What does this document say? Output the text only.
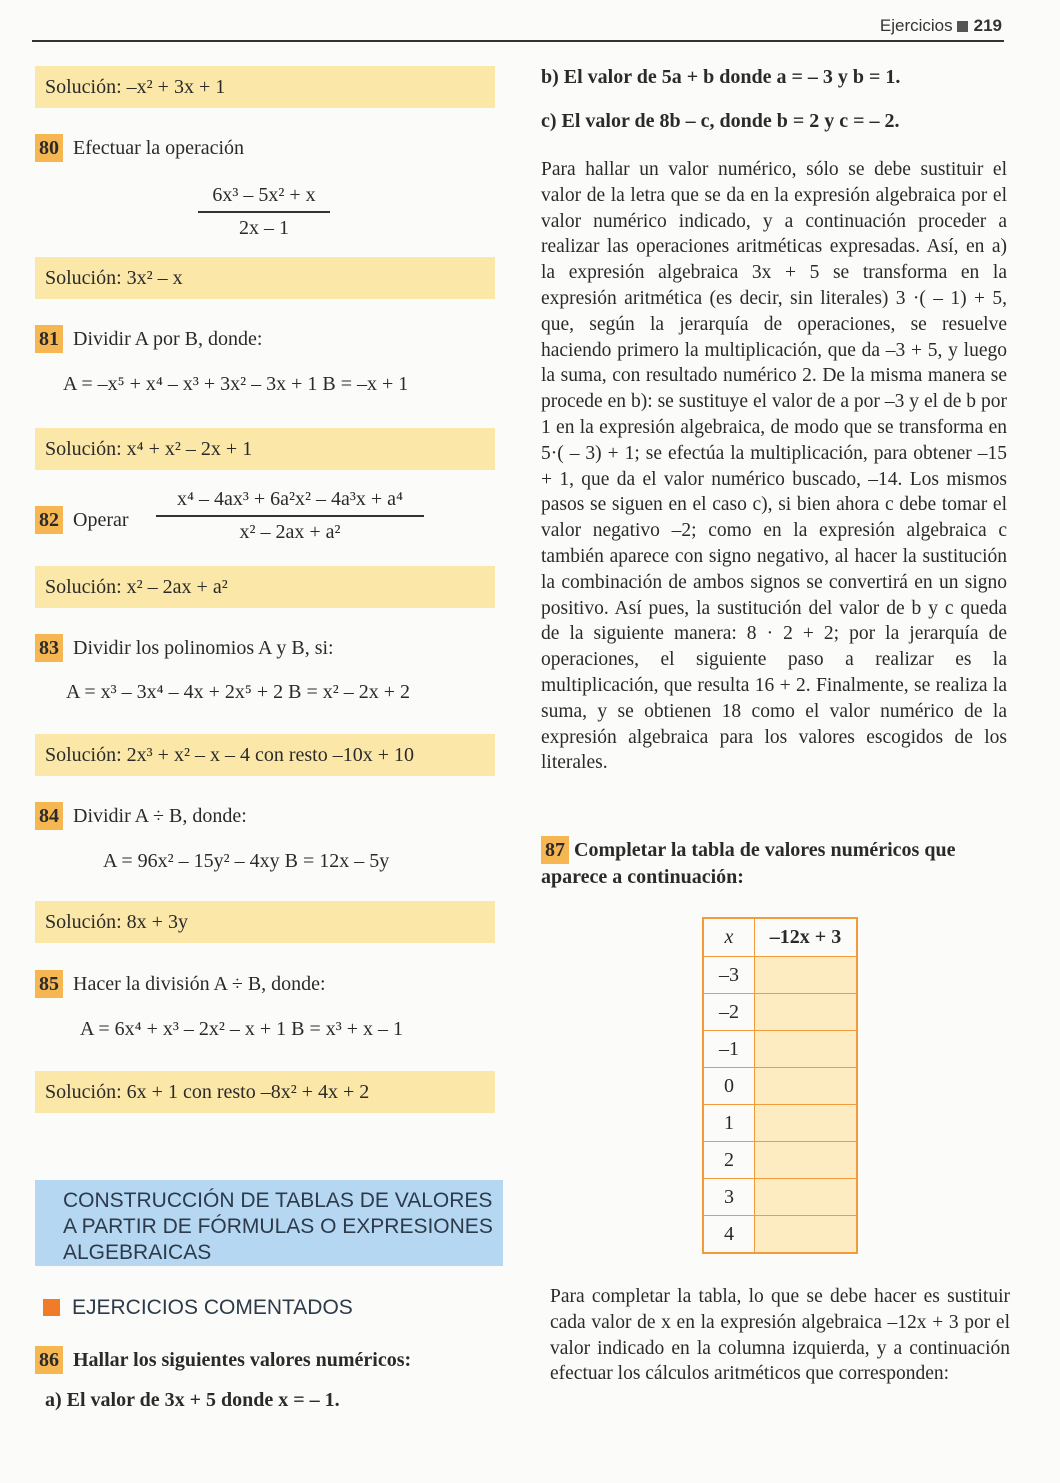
Ejercicios 219
Solución: –x² + 3x + 1
80 Efectuar la operación
6x³ – 5x² + x
2x – 1
Solución: 3x² – x
81 Dividir A por B, donde:
A = –x⁵ + x⁴ – x³ + 3x² – 3x + 1 B = –x + 1
Solución: x⁴ + x² – 2x + 1
82 Operar
x⁴ – 4ax³ + 6a²x² – 4a³x + a⁴
x² – 2ax + a²
Solución: x² – 2ax + a²
83 Dividir los polinomios A y B, si:
A = x³ – 3x⁴ – 4x + 2x⁵ + 2 B = x² – 2x + 2
Solución: 2x³ + x² – x – 4 con resto –10x + 10
84 Dividir A ÷ B, donde:
A = 96x² – 15y² – 4xy B = 12x – 5y
Solución: 8x + 3y
85 Hacer la división A ÷ B, donde:
A = 6x⁴ + x³ – 2x² – x + 1 B = x³ + x – 1
Solución: 6x + 1 con resto –8x² + 4x + 2
CONSTRUCCIÓN DE TABLAS DE VALORES
A PARTIR DE FÓRMULAS O EXPRESIONES
ALGEBRAICAS
EJERCICIOS COMENTADOS
86 Hallar los siguientes valores numéricos:
a) El valor de 3x + 5 donde x = – 1.
b) El valor de 5a + b donde a = – 3 y b = 1.
c) El valor de 8b – c, donde b = 2 y c = – 2.
Para hallar un valor numérico, sólo se debe sustituir el valor de la letra que se da en la expresión algebraica por el valor numérico indicado, y a continuación proceder a realizar las operaciones aritméticas expresadas. Así, en a) la expresión algebraica 3x + 5 se transforma en la expresión aritmética (es decir, sin literales) 3 ·( – 1) + 5, que, según la jerarquía de operaciones, se resuelve haciendo primero la multiplicación, que da –3 + 5, y luego la suma, con resultado numérico 2. De la misma manera se procede en b): se sustituye el valor de a por –3 y el de b por 1 en la expresión algebraica, de modo que se transforma en 5·( – 3) + 1; se efectúa la multiplicación, para obtener –15 + 1, que da el valor numérico buscado, –14. Los mismos pasos se siguen en el caso c), si bien ahora c debe tomar el valor negativo –2; como en la expresión algebraica c también aparece con signo negativo, al hacer la sustitución la combinación de ambos signos se convertirá en un signo positivo. Así pues, la sustitución del valor de b y c queda de la siguiente manera: 8 · 2 + 2; por la jerarquía de operaciones, el siguiente paso a realizar es la multiplicación, que resulta 16 + 2. Finalmente, se realiza la suma, y se obtienen 18 como el valor numérico de la expresión algebraica para los valores escogidos de los literales.
87 Completar la tabla de valores numéricos que aparece a continuación:
x	–12x + 3
–3	
–2	
–1	
0	
1	
2	
3	
4	
Para completar la tabla, lo que se debe hacer es sustituir cada valor de x en la expresión algebraica –12x + 3 por el valor indicado en la columna izquierda, y a continuación efectuar los cálculos aritméticos que corresponden:
